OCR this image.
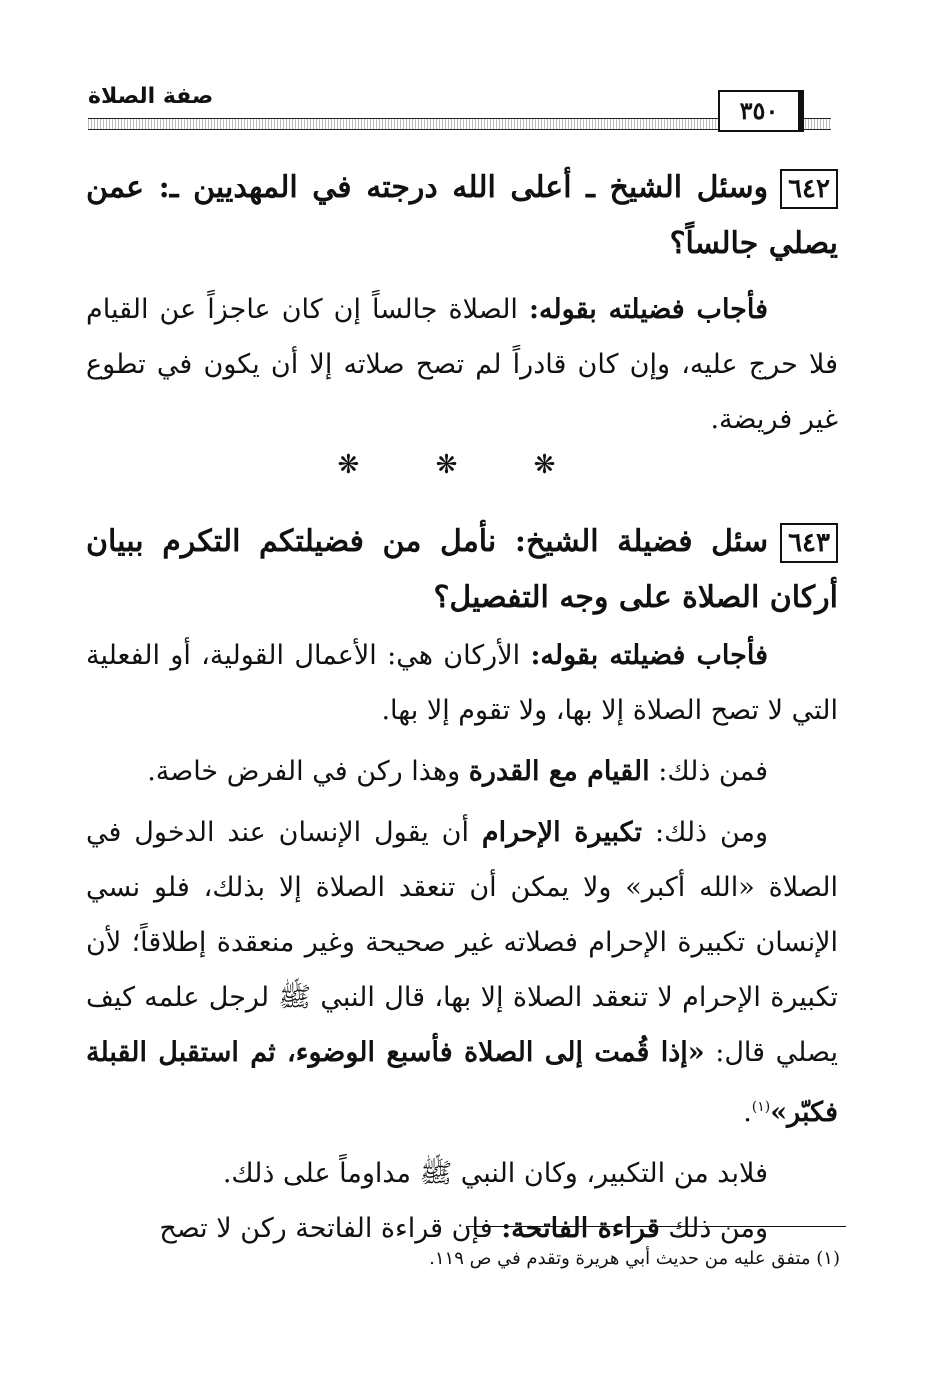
صفة الصلاة	٣٥٠
٦٤٢وسئل الشيخ ـ أعلى الله درجته في المهديين ـ: عمن يصلي جالساً؟
فأجاب فضيلته بقوله: الصلاة جالساً إن كان عاجزاً عن القيام فلا حرج عليه، وإن كان قادراً لم تصح صلاته إلا أن يكون في تطوع غير فريضة.
❋ ❋ ❋
٦٤٣سئل فضيلة الشيخ: نأمل من فضيلتكم التكرم ببيان أركان الصلاة على وجه التفصيل؟
فأجاب فضيلته بقوله: الأركان هي: الأعمال القولية، أو الفعلية التي لا تصح الصلاة إلا بها، ولا تقوم إلا بها.
فمن ذلك: القيام مع القدرة وهذا ركن في الفرض خاصة.
ومن ذلك: تكبيرة الإحرام أن يقول الإنسان عند الدخول في الصلاة «الله أكبر» ولا يمكن أن تنعقد الصلاة إلا بذلك، فلو نسي الإنسان تكبيرة الإحرام فصلاته غير صحيحة وغير منعقدة إطلاقاً؛ لأن تكبيرة الإحرام لا تنعقد الصلاة إلا بها، قال النبي ﷺ لرجل علمه كيف يصلي قال: «إذا قُمت إلى الصلاة فأسبع الوضوء، ثم استقبل القبلة فكبّر»$^{(١)}$.
فلابد من التكبير، وكان النبي ﷺ مداوماً على ذلك.
ومن ذلك قراءة الفاتحة: فإن قراءة الفاتحة ركن لا تصح
(١) متفق عليه من حديث أبي هريرة وتقدم في ص ١١٩.
